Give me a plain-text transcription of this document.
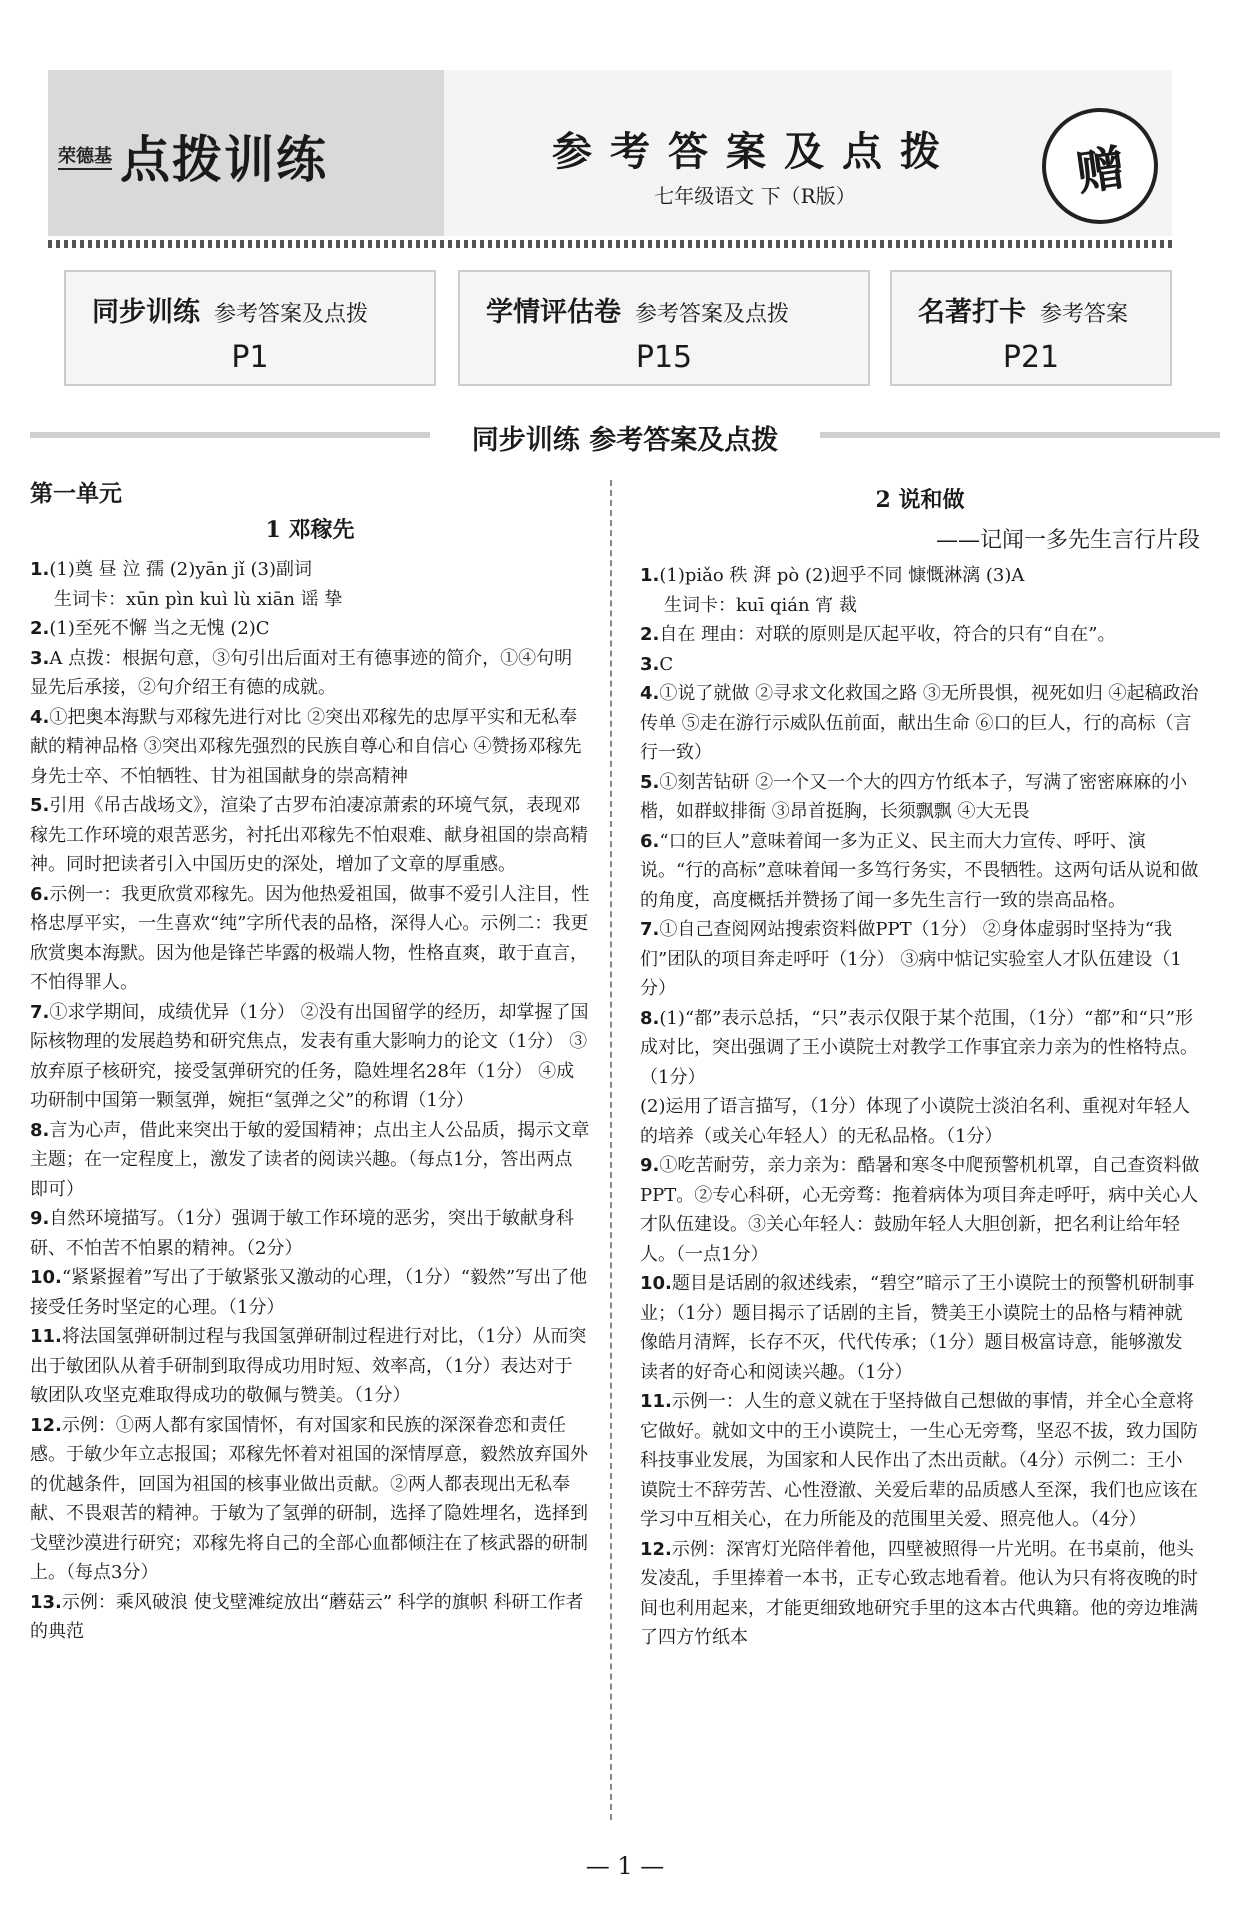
荣德基 点拨训练	参考答案及点拨
七年级语文 下（R版）	赠
同步训练 参考答案及点拨
P1
学情评估卷 参考答案及点拨
P15
名著打卡 参考答案
P21
同步训练 参考答案及点拨
第一单元
1 邓稼先
1.(1)奠 昼 泣 孺 (2)yān jǐ (3)副词
生词卡：xūn pìn kuì lù xiān 谣 挚
2.(1)至死不懈 当之无愧 (2)C
3.A 点拨：根据句意，③句引出后面对王有德事迹的简介，①④句明显先后承接，②句介绍王有德的成就。
4.①把奥本海默与邓稼先进行对比 ②突出邓稼先的忠厚平实和无私奉献的精神品格 ③突出邓稼先强烈的民族自尊心和自信心 ④赞扬邓稼先身先士卒、不怕牺牲、甘为祖国献身的崇高精神
5.引用《吊古战场文》，渲染了古罗布泊凄凉萧索的环境气氛，表现邓稼先工作环境的艰苦恶劣，衬托出邓稼先不怕艰难、献身祖国的崇高精神。同时把读者引入中国历史的深处，增加了文章的厚重感。
6.示例一：我更欣赏邓稼先。因为他热爱祖国，做事不爱引人注目，性格忠厚平实，一生喜欢“纯”字所代表的品格，深得人心。示例二：我更欣赏奥本海默。因为他是锋芒毕露的极端人物，性格直爽，敢于直言，不怕得罪人。
7.①求学期间，成绩优异（1分） ②没有出国留学的经历，却掌握了国际核物理的发展趋势和研究焦点，发表有重大影响力的论文（1分） ③放弃原子核研究，接受氢弹研究的任务，隐姓埋名28年（1分） ④成功研制中国第一颗氢弹，婉拒“氢弹之父”的称谓（1分）
8.言为心声，借此来突出于敏的爱国精神；点出主人公品质，揭示文章主题；在一定程度上，激发了读者的阅读兴趣。（每点1分，答出两点即可）
9.自然环境描写。（1分）强调于敏工作环境的恶劣，突出于敏献身科研、不怕苦不怕累的精神。（2分）
10.“紧紧握着”写出了于敏紧张又激动的心理，（1分）“毅然”写出了他接受任务时坚定的心理。（1分）
11.将法国氢弹研制过程与我国氢弹研制过程进行对比，（1分）从而突出于敏团队从着手研制到取得成功用时短、效率高，（1分）表达对于敏团队攻坚克难取得成功的敬佩与赞美。（1分）
12.示例：①两人都有家国情怀，有对国家和民族的深深眷恋和责任感。于敏少年立志报国；邓稼先怀着对祖国的深情厚意，毅然放弃国外的优越条件，回国为祖国的核事业做出贡献。②两人都表现出无私奉献、不畏艰苦的精神。于敏为了氢弹的研制，选择了隐姓埋名，选择到戈壁沙漠进行研究；邓稼先将自己的全部心血都倾注在了核武器的研制上。（每点3分）
13.示例：乘风破浪 使戈壁滩绽放出“蘑菇云” 科学的旗帜 科研工作者的典范
2 说和做
——记闻一多先生言行片段
1.(1)piǎo 秩 湃 pò (2)迥乎不同 慷慨淋漓 (3)A
生词卡：kuī qián 宵 裁
2.自在 理由：对联的原则是仄起平收，符合的只有“自在”。
3.C
4.①说了就做 ②寻求文化救国之路 ③无所畏惧，视死如归 ④起稿政治传单 ⑤走在游行示威队伍前面，献出生命 ⑥口的巨人，行的高标（言行一致）
5.①刻苦钻研 ②一个又一个大的四方竹纸本子，写满了密密麻麻的小楷，如群蚁排衙 ③昂首挺胸，长须飘飘 ④大无畏
6.“口的巨人”意味着闻一多为正义、民主而大力宣传、呼吁、演说。“行的高标”意味着闻一多笃行务实，不畏牺牲。这两句话从说和做的角度，高度概括并赞扬了闻一多先生言行一致的崇高品格。
7.①自己查阅网站搜索资料做PPT（1分） ②身体虚弱时坚持为“我们”团队的项目奔走呼吁（1分） ③病中惦记实验室人才队伍建设（1分）
8.(1)“都”表示总括，“只”表示仅限于某个范围，（1分）“都”和“只”形成对比，突出强调了王小谟院士对教学工作事宜亲力亲为的性格特点。（1分）
(2)运用了语言描写，（1分）体现了小谟院士淡泊名利、重视对年轻人的培养（或关心年轻人）的无私品格。（1分）
9.①吃苦耐劳，亲力亲为：酷暑和寒冬中爬预警机机罩，自己查资料做PPT。②专心科研，心无旁骛：拖着病体为项目奔走呼吁，病中关心人才队伍建设。③关心年轻人：鼓励年轻人大胆创新，把名利让给年轻人。（一点1分）
10.题目是话剧的叙述线索，“碧空”暗示了王小谟院士的预警机研制事业；（1分）题目揭示了话剧的主旨，赞美王小谟院士的品格与精神就像皓月清辉，长存不灭，代代传承；（1分）题目极富诗意，能够激发读者的好奇心和阅读兴趣。（1分）
11.示例一：人生的意义就在于坚持做自己想做的事情，并全心全意将它做好。就如文中的王小谟院士，一生心无旁骛，坚忍不拔，致力国防科技事业发展，为国家和人民作出了杰出贡献。（4分）示例二：王小谟院士不辞劳苦、心性澄澈、关爱后辈的品质感人至深，我们也应该在学习中互相关心，在力所能及的范围里关爱、照亮他人。（4分）
12.示例：深宵灯光陪伴着他，四壁被照得一片光明。在书桌前，他头发凌乱，手里捧着一本书，正专心致志地看着。他认为只有将夜晚的时间也利用起来，才能更细致地研究手里的这本古代典籍。他的旁边堆满了四方竹纸本
— 1 —
